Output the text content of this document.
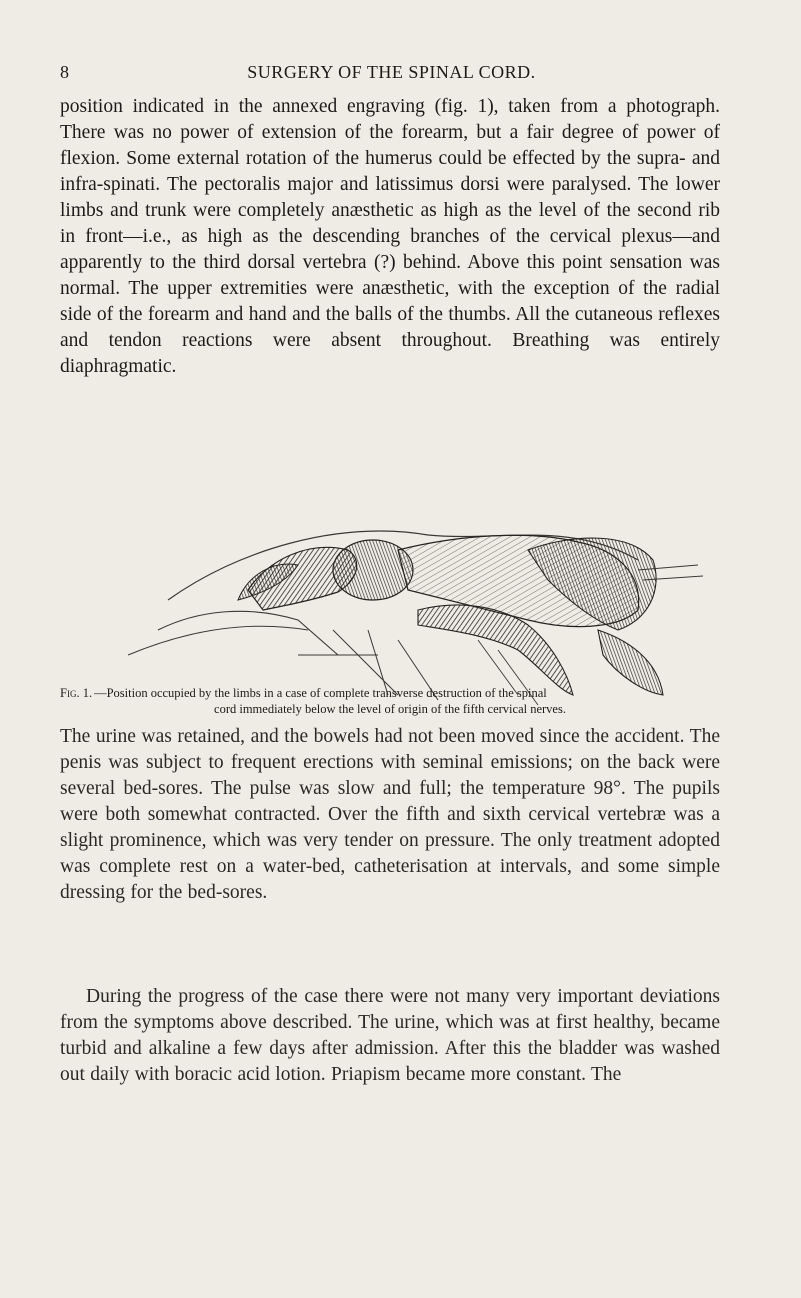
8	SURGERY OF THE SPINAL CORD.

position indicated in the annexed engraving (fig. 1), taken from a photograph. There was no power of extension of the forearm, but a fair degree of power of flexion. Some external rotation of the humerus could be effected by the supra- and infra-spinati. The pectoralis major and latissimus dorsi were paralysed. The lower limbs and trunk were completely anæsthetic as high as the level of the second rib in front—i.e., as high as the descending branches of the cervical plexus—and apparently to the third dorsal vertebra (?) behind. Above this point sensation was normal. The upper extremities were anæsthetic, with the exception of the radial side of the forearm and hand and the balls of the thumbs. All the cutaneous reflexes and tendon reactions were absent throughout. Breathing was entirely diaphragmatic.

Fig. 1. —Position occupied by the limbs in a case of complete transverse destruction of the spinal
cord immediately below the level of origin of the fifth cervical nerves.

The urine was retained, and the bowels had not been moved since the accident. The penis was subject to frequent erections with seminal emissions; on the back were several bed-sores. The pulse was slow and full; the temperature 98°. The pupils were both somewhat contracted. Over the fifth and sixth cervical vertebræ was a slight prominence, which was very tender on pressure. The only treatment adopted was complete rest on a water-bed, catheterisation at intervals, and some simple dressing for the bed-sores.

During the progress of the case there were not many very important deviations from the symptoms above described. The urine, which was at first healthy, became turbid and alkaline a few days after admission. After this the bladder was washed out daily with boracic acid lotion. Priapism became more constant. The
